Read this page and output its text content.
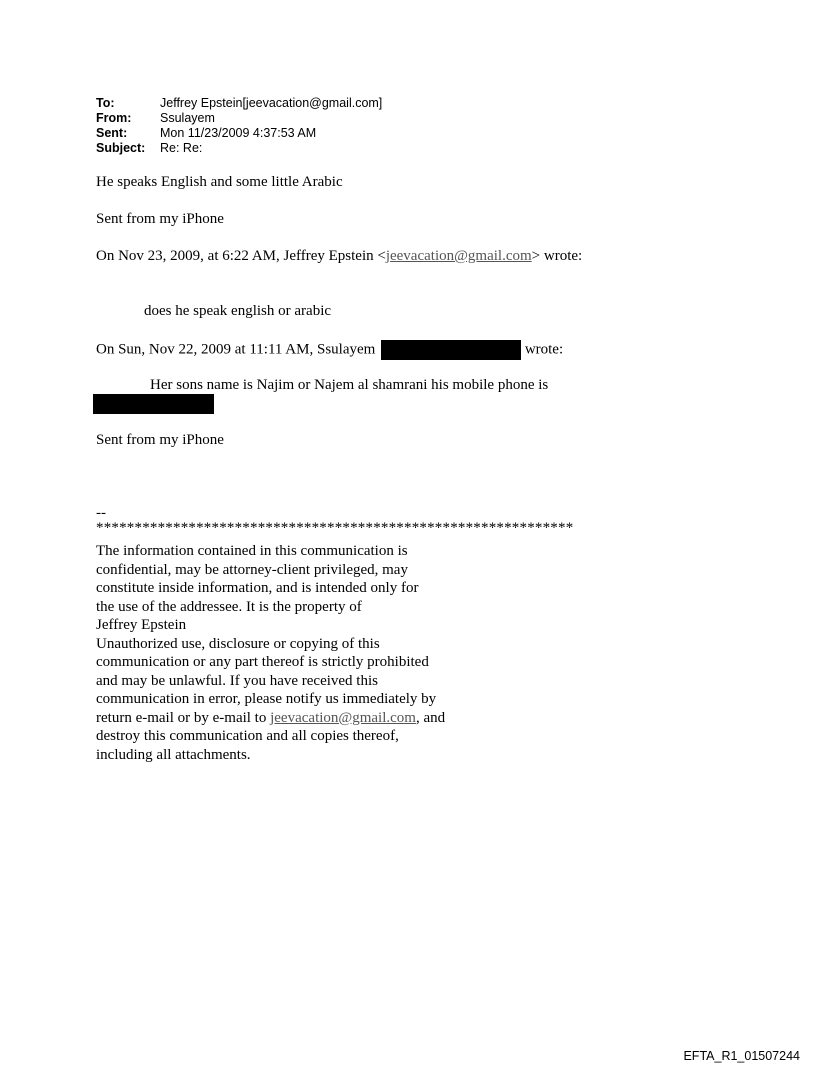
To:	Jeffrey Epstein[jeevacation@gmail.com]
From:	Ssulayem
Sent:	Mon 11/23/2009 4:37:53 AM
Subject:	Re: Re:
He speaks English and some little Arabic
Sent from my iPhone
On Nov 23, 2009, at 6:22 AM, Jeffrey Epstein <jeevacation@gmail.com> wrote:
does he speak english or arabic
On Sun, Nov 22, 2009 at 11:11 AM, Ssulayem	wrote:
Her sons name is Najim or Najem al shamrani his mobile phone is
Sent from my iPhone
--
**************************************************************
The information contained in this communication is
confidential, may be attorney-client privileged, may
constitute inside information, and is intended only for
the use of the addressee. It is the property of
Jeffrey Epstein
Unauthorized use, disclosure or copying of this
communication or any part thereof is strictly prohibited
and may be unlawful. If you have received this
communication in error, please notify us immediately by
return e-mail or by e-mail to jeevacation@gmail.com, and
destroy this communication and all copies thereof,
including all attachments.
EFTA_R1_01507244
